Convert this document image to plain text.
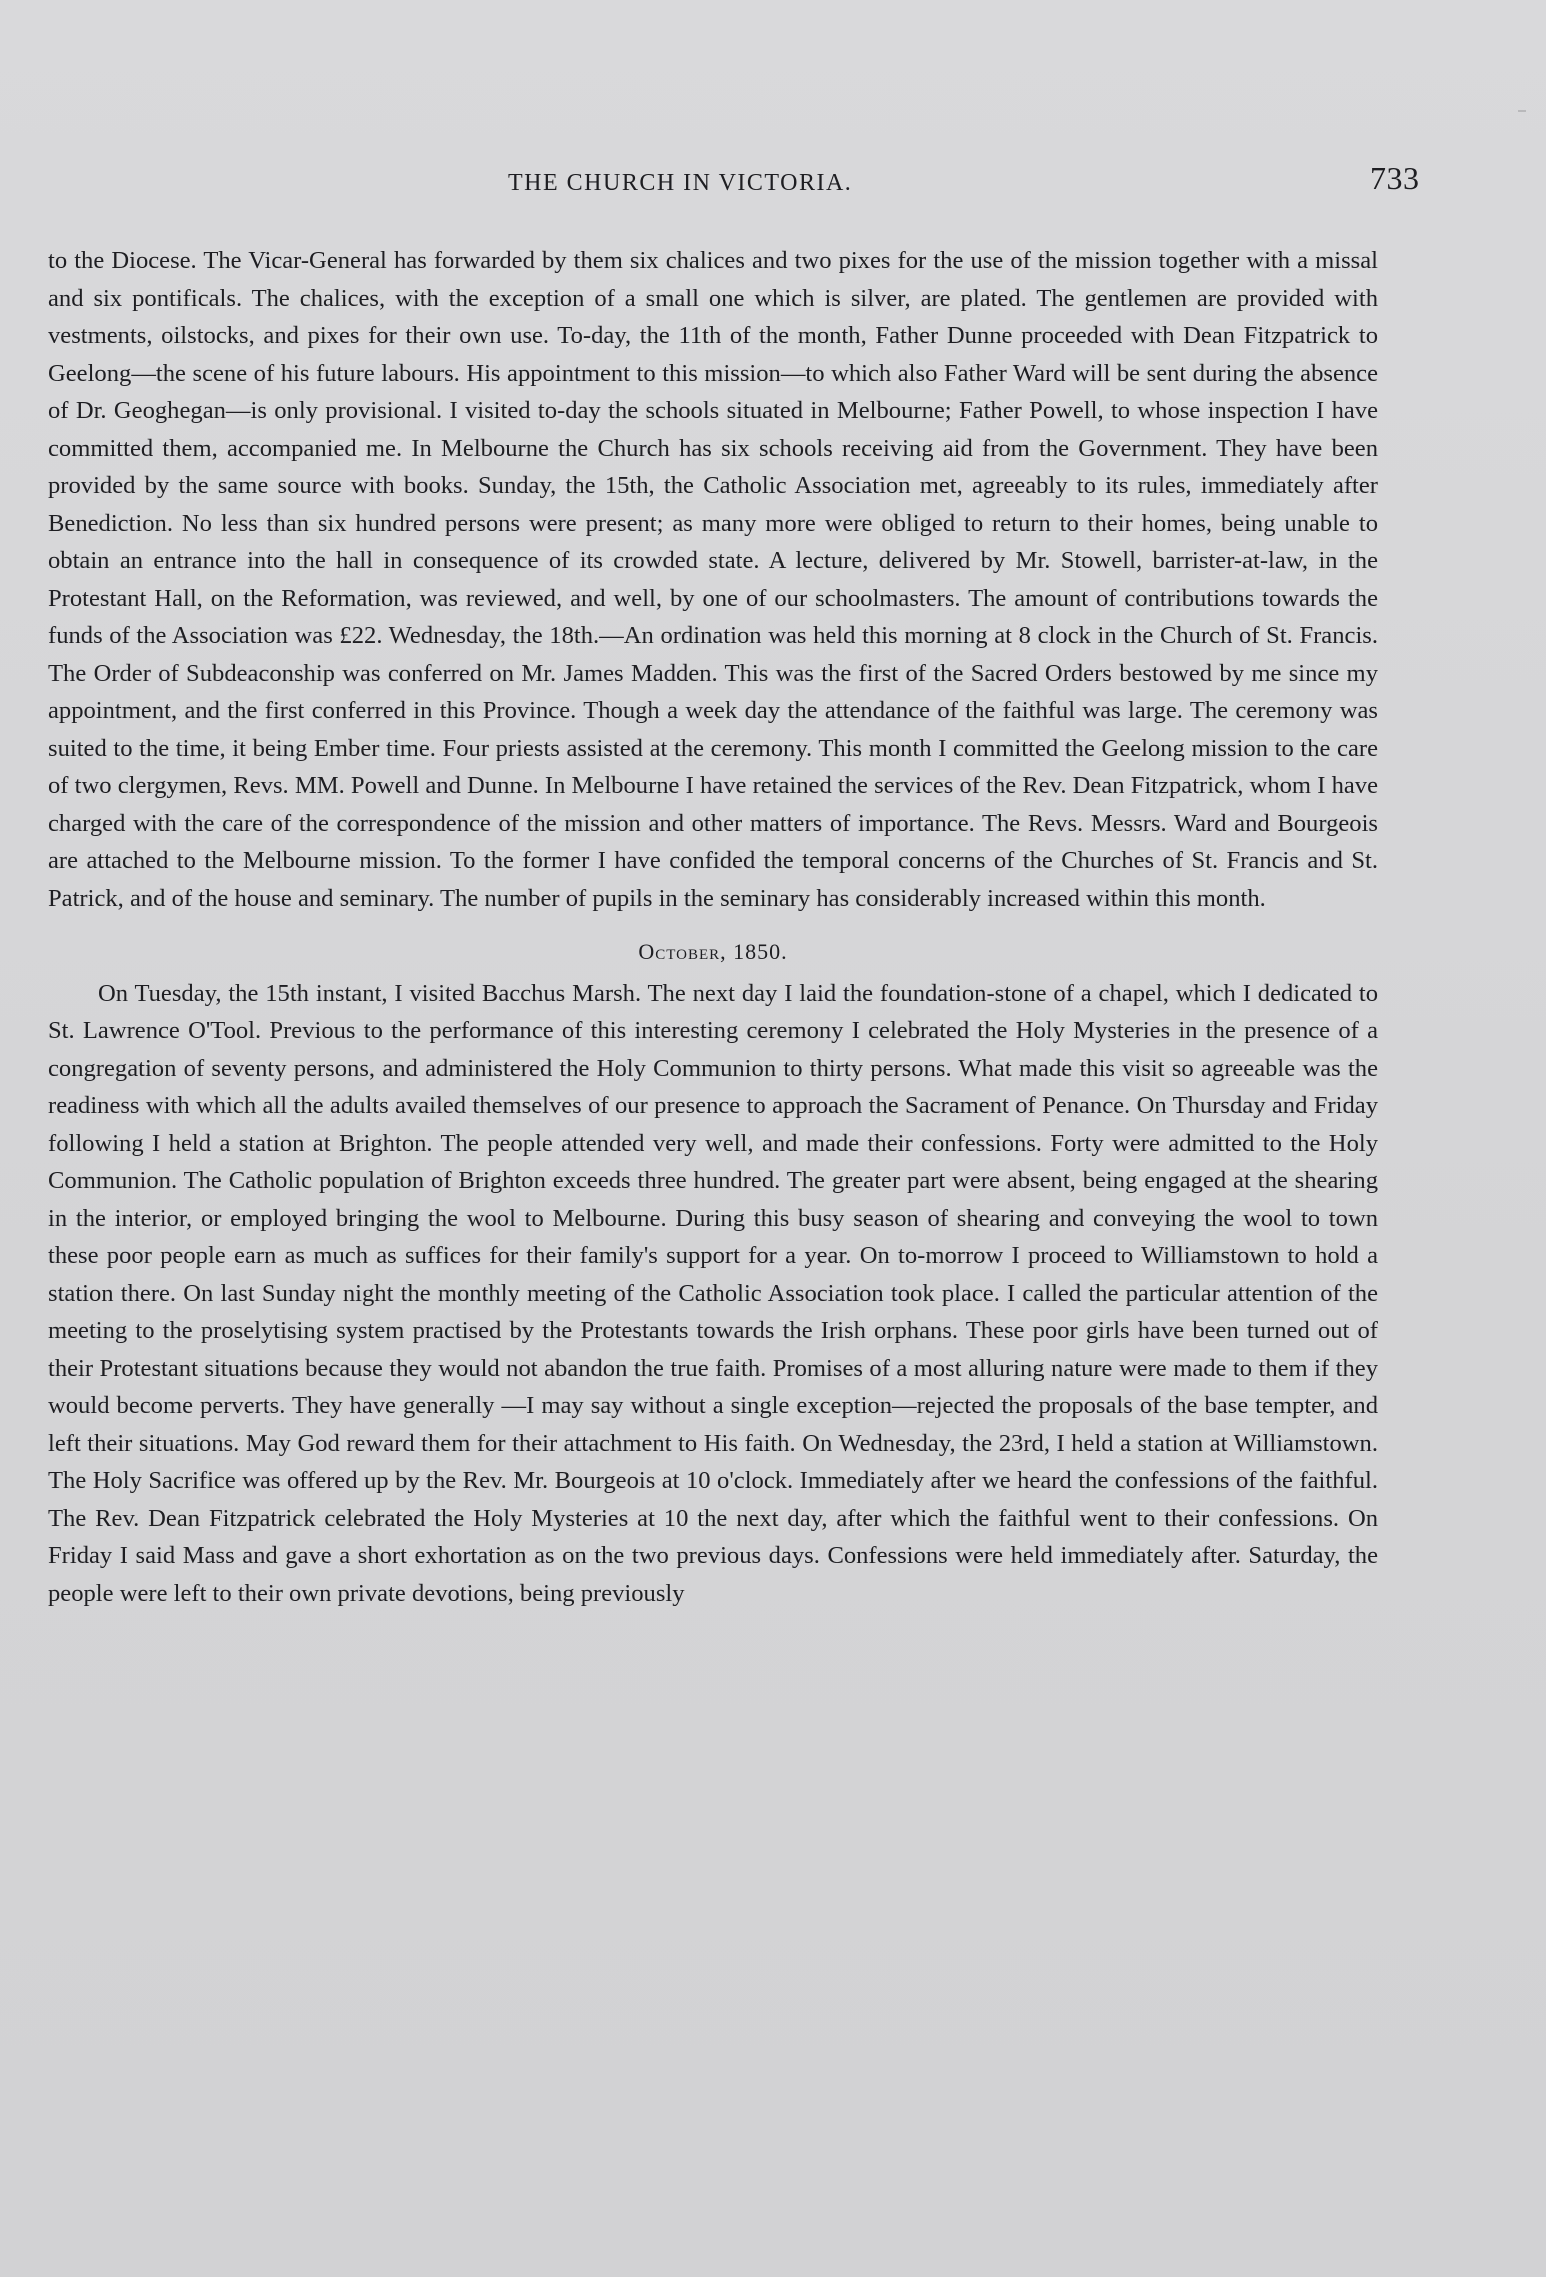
THE CHURCH IN VICTORIA.	733

to the Diocese. The Vicar-General has forwarded by them six chalices and two pixes for the use of the mission together with a missal and six pontificals. The chalices, with the exception of a small one which is silver, are plated. The gentlemen are provided with vestments, oilstocks, and pixes for their own use. To-day, the 11th of the month, Father Dunne proceeded with Dean Fitzpatrick to Geelong—the scene of his future labours. His appointment to this mission—to which also Father Ward will be sent during the absence of Dr. Geoghegan—is only provisional. I visited to-day the schools situated in Melbourne; Father Powell, to whose inspection I have committed them, accompanied me. In Melbourne the Church has six schools receiving aid from the Government. They have been provided by the same source with books. Sunday, the 15th, the Catholic Association met, agreeably to its rules, immediately after Benediction. No less than six hundred persons were present; as many more were obliged to return to their homes, being unable to obtain an entrance into the hall in consequence of its crowded state. A lecture, delivered by Mr. Stowell, barrister-at-law, in the Protestant Hall, on the Reformation, was reviewed, and well, by one of our schoolmasters. The amount of contributions towards the funds of the Association was £22. Wednesday, the 18th.—An ordination was held this morning at 8 clock in the Church of St. Francis. The Order of Subdeaconship was conferred on Mr. James Madden. This was the first of the Sacred Orders bestowed by me since my appointment, and the first conferred in this Province. Though a week day the attendance of the faithful was large. The ceremony was suited to the time, it being Ember time. Four priests assisted at the ceremony. This month I committed the Geelong mission to the care of two clergymen, Revs. MM. Powell and Dunne. In Melbourne I have retained the services of the Rev. Dean Fitzpatrick, whom I have charged with the care of the correspondence of the mission and other matters of importance. The Revs. Messrs. Ward and Bourgeois are attached to the Melbourne mission. To the former I have confided the temporal concerns of the Churches of St. Francis and St. Patrick, and of the house and seminary. The number of pupils in the seminary has considerably increased within this month.

October, 1850.

On Tuesday, the 15th instant, I visited Bacchus Marsh. The next day I laid the foundation-stone of a chapel, which I dedicated to St. Lawrence O'Tool. Previous to the performance of this interesting ceremony I celebrated the Holy Mysteries in the presence of a congregation of seventy persons, and administered the Holy Communion to thirty persons. What made this visit so agreeable was the readiness with which all the adults availed themselves of our presence to approach the Sacrament of Penance. On Thursday and Friday following I held a station at Brighton. The people attended very well, and made their confessions. Forty were admitted to the Holy Communion. The Catholic population of Brighton exceeds three hundred. The greater part were absent, being engaged at the shearing in the interior, or employed bringing the wool to Melbourne. During this busy season of shearing and conveying the wool to town these poor people earn as much as suffices for their family's support for a year. On to-morrow I proceed to Williamstown to hold a station there. On last Sunday night the monthly meeting of the Catholic Association took place. I called the particular attention of the meeting to the proselytising system practised by the Protestants towards the Irish orphans. These poor girls have been turned out of their Protestant situations because they would not abandon the true faith. Promises of a most alluring nature were made to them if they would become perverts. They have generally —I may say without a single exception—rejected the proposals of the base tempter, and left their situations. May God reward them for their attachment to His faith. On Wednesday, the 23rd, I held a station at Williamstown. The Holy Sacrifice was offered up by the Rev. Mr. Bourgeois at 10 o'clock. Immediately after we heard the confessions of the faithful. The Rev. Dean Fitzpatrick celebrated the Holy Mysteries at 10 the next day, after which the faithful went to their confessions. On Friday I said Mass and gave a short exhortation as on the two previous days. Confessions were held immediately after. Saturday, the people were left to their own private devotions, being previously
